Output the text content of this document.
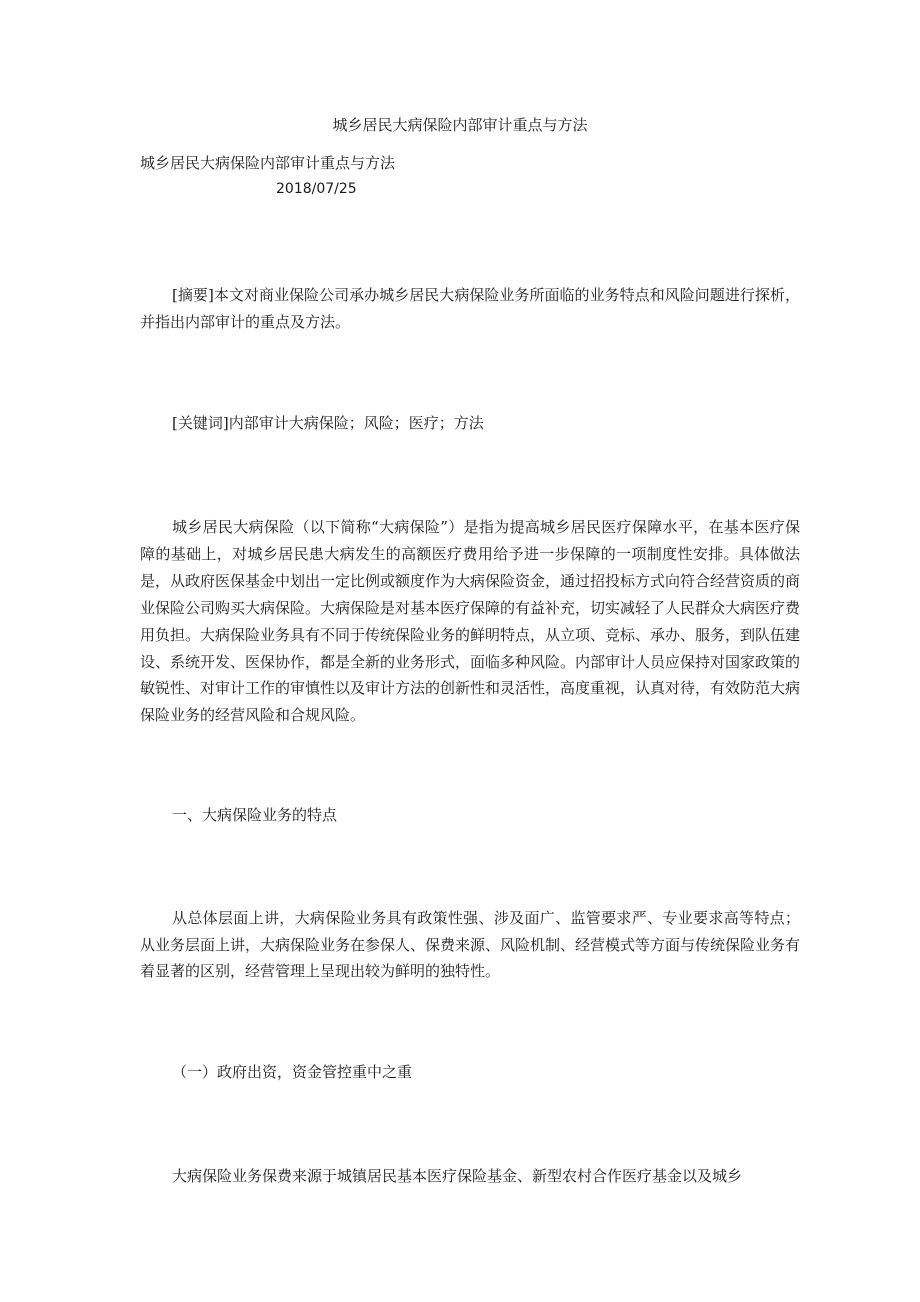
城乡居民大病保险内部审计重点与方法
城乡居民大病保险内部审计重点与方法
2018/07/25

[摘要]本文对商业保险公司承办城乡居民大病保险业务所面临的业务特点和风险问题进行探析，并指出内部审计的重点及方法。

[关键词]内部审计大病保险；风险；医疗；方法

城乡居民大病保险（以下简称“大病保险”）是指为提高城乡居民医疗保障水平，在基本医疗保障的基础上，对城乡居民患大病发生的高额医疗费用给予进一步保障的一项制度性安排。具体做法是，从政府医保基金中划出一定比例或额度作为大病保险资金，通过招投标方式向符合经营资质的商业保险公司购买大病保险。大病保险是对基本医疗保障的有益补充，切实减轻了人民群众大病医疗费用负担。大病保险业务具有不同于传统保险业务的鲜明特点，从立项、竞标、承办、服务，到队伍建设、系统开发、医保协作，都是全新的业务形式，面临多种风险。内部审计人员应保持对国家政策的敏锐性、对审计工作的审慎性以及审计方法的创新性和灵活性，高度重视，认真对待，有效防范大病保险业务的经营风险和合规风险。

一、大病保险业务的特点

从总体层面上讲，大病保险业务具有政策性强、涉及面广、监管要求严、专业要求高等特点；从业务层面上讲，大病保险业务在参保人、保费来源、风险机制、经营模式等方面与传统保险业务有着显著的区别，经营管理上呈现出较为鲜明的独特性。

（一）政府出资，资金管控重中之重

大病保险业务保费来源于城镇居民基本医疗保险基金、新型农村合作医疗基金以及城乡
